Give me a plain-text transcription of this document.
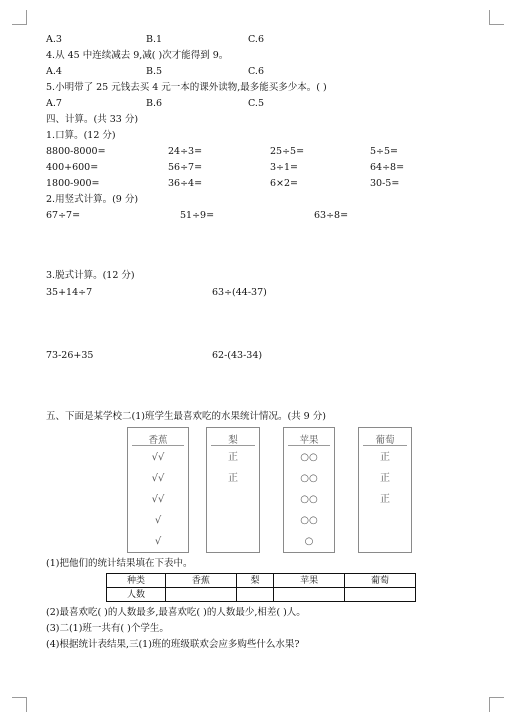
A.3	B.1	C.6
4.从 45 中连续减去 9,减( )次才能得到 9。
A.4	B.5	C.6
5.小明带了 25 元钱去买 4 元一本的课外读物,最多能买多少本。( )
A.7	B.6	C.5
四、计算。(共 33 分)
1.口算。(12 分)
8800-8000=	24÷3=	25÷5=	5÷5=
400+600=	56÷7=	3÷1=	64÷8=
1800-900=	36÷4=	6×2=	30-5=
2.用竖式计算。(9 分)
67÷7=	51÷9=	63÷8=
3.脱式计算。(12 分)
35+14÷7	63÷(44-37)
73-26+35	62-(43-34)
五、下面是某学校二(1)班学生最喜欢吃的水果统计情况。(共 9 分)
香蕉
√√
√√
√√
√
√
梨
正
正
苹果
○○
○○
○○
○○
○
葡萄
正
正
正
(1)把他们的统计结果填在下表中。
种类	香蕉	梨	苹果	葡萄
人数				
(2)最喜欢吃( )的人数最多,最喜欢吃( )的人数最少,相差( )人。
(3)二(1)班一共有( )个学生。
(4)根据统计表结果,三(1)班的班级联欢会应多购些什么水果?
